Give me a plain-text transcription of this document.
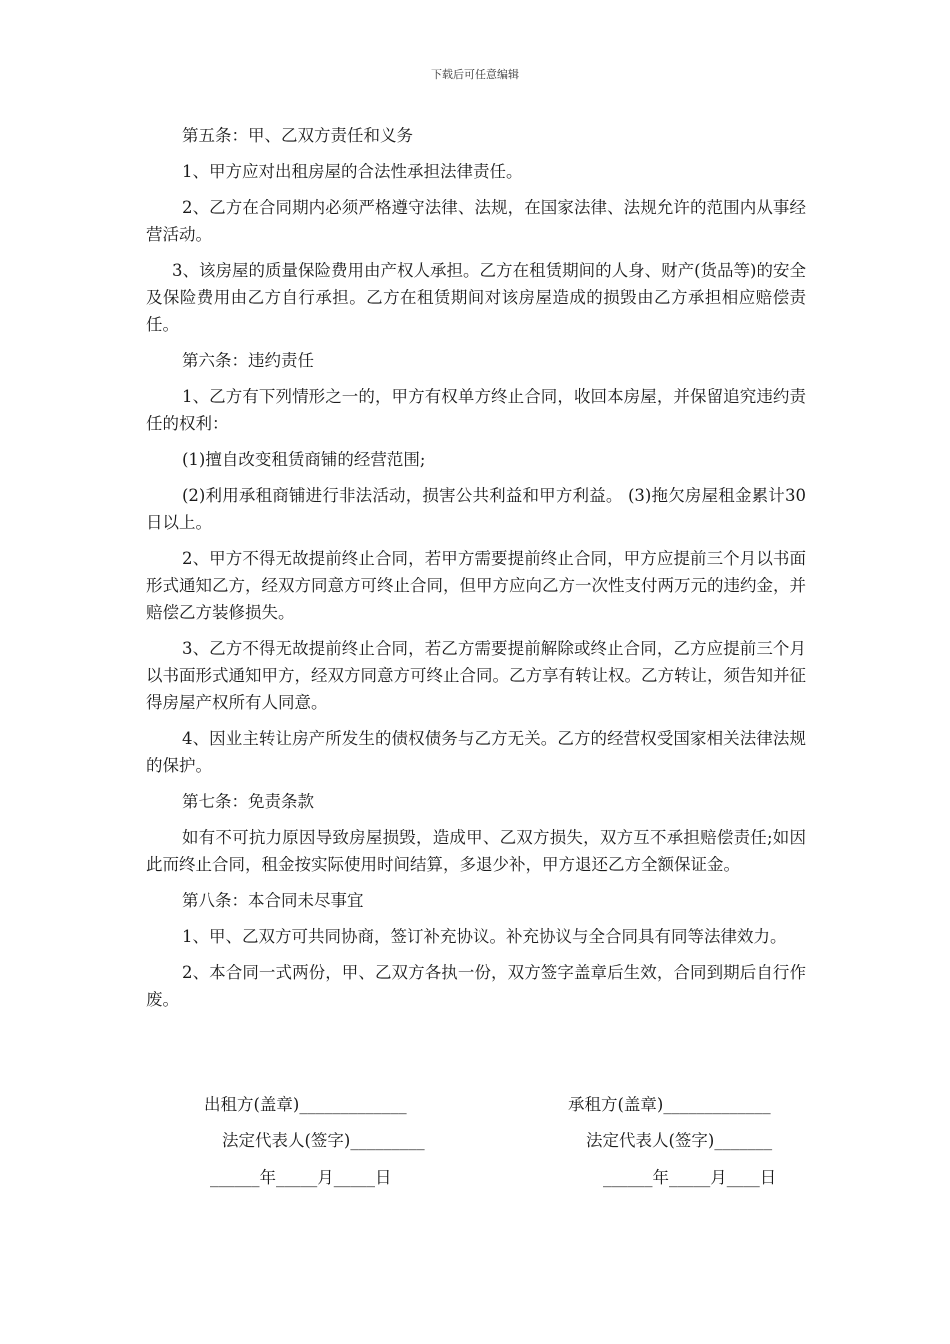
下载后可任意编辑

第五条：甲、乙双方责任和义务

1、甲方应对出租房屋的合法性承担法律责任。

2、乙方在合同期内必须严格遵守法律、法规，在国家法律、法规允许的范围内从事经营活动。

3、该房屋的质量保险费用由产权人承担。乙方在租赁期间的人身、财产(货品等)的安全及保险费用由乙方自行承担。乙方在租赁期间对该房屋造成的损毁由乙方承担相应赔偿责任。

第六条：违约责任

1、乙方有下列情形之一的，甲方有权单方终止合同，收回本房屋，并保留追究违约责任的权利：

(1)擅自改变租赁商铺的经营范围;

(2)利用承租商铺进行非法活动，损害公共利益和甲方利益。 (3)拖欠房屋租金累计30日以上。

2、甲方不得无故提前终止合同，若甲方需要提前终止合同，甲方应提前三个月以书面形式通知乙方，经双方同意方可终止合同，但甲方应向乙方一次性支付两万元的违约金，并赔偿乙方装修损失。

3、乙方不得无故提前终止合同，若乙方需要提前解除或终止合同，乙方应提前三个月以书面形式通知甲方，经双方同意方可终止合同。乙方享有转让权。乙方转让，须告知并征得房屋产权所有人同意。

4、因业主转让房产所发生的债权债务与乙方无关。乙方的经营权受国家相关法律法规的保护。

第七条：免责条款

如有不可抗力原因导致房屋损毁，造成甲、乙双方损失，双方互不承担赔偿责任;如因此而终止合同，租金按实际使用时间结算，多退少补，甲方退还乙方全额保证金。

第八条：本合同未尽事宜

1、甲、乙双方可共同协商，签订补充协议。补充协议与全合同具有同等法律效力。

2、本合同一式两份，甲、乙双方各执一份，双方签字盖章后生效，合同到期后自行作废。

出租方(盖章)_____________
法定代表人(签字)_________
______年_____月_____日
承租方(盖章)_____________
法定代表人(签字)_______
______年_____月____日
